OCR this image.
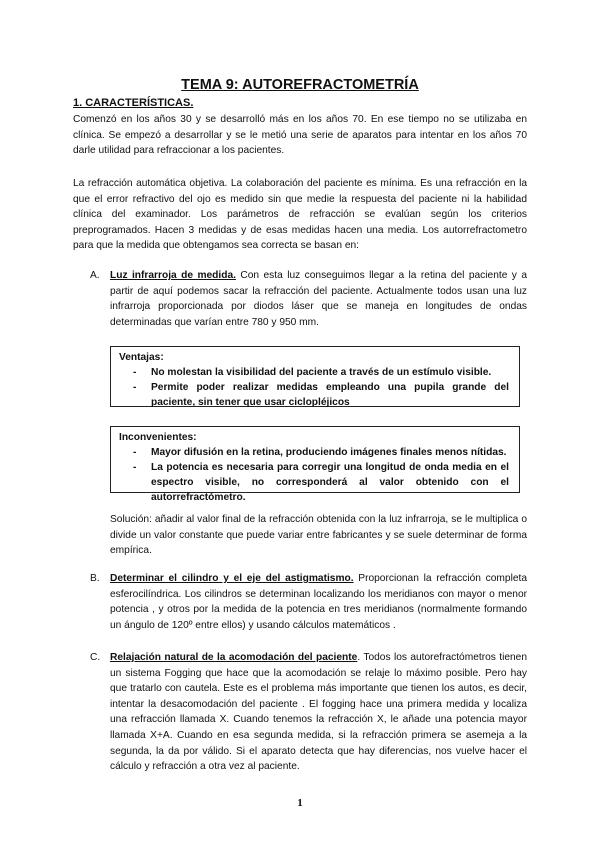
TEMA 9: AUTOREFRACTOMETRÍA
1. CARACTERÍSTICAS.

Comenzó en los años 30 y se desarrolló más en los años 70. En ese tiempo no se utilizaba en clínica. Se empezó a desarrollar y se le metió una serie de aparatos para intentar en los años 70 darle utilidad para refraccionar a los pacientes.

La refracción automática objetiva. La colaboración del paciente es mínima. Es una refracción en la que el error refractivo del ojo es medido sin que medie la respuesta del paciente ni la habilidad clínica del examinador. Los parámetros de refracción se evalúan según los criterios preprogramados. Hacen 3 medidas y de esas medidas hacen una media. Los autorrefractometro para que la medida que obtengamos sea correcta se basan en:

A. Luz infrarroja de medida. Con esta luz conseguimos llegar a la retina del paciente y a partir de aquí podemos sacar la refracción del paciente. Actualmente todos usan una luz infrarroja proporcionada por diodos láser que se maneja en longitudes de ondas determinadas que varían entre 780 y 950 mm.

Ventajas:
- No molestan la visibilidad del paciente a través de un estímulo visible.
- Permite poder realizar medidas empleando una pupila grande del paciente, sin tener que usar ciclopléjicos
Inconvenientes:
- Mayor difusión en la retina, produciendo imágenes finales menos nítidas.
- La potencia es necesaria para corregir una longitud de onda media en el espectro visible, no corresponderá al valor obtenido con el autorrefractómetro.

Solución: añadir al valor final de la refracción obtenida con la luz infrarroja, se le multiplica o divide un valor constante que puede variar entre fabricantes y se suele determinar de forma empírica.

B. Determinar el cilindro y el eje del astigmatismo. Proporcionan la refracción completa esferocilíndrica. Los cilindros se determinan localizando los meridianos con mayor o menor potencia , y otros por la medida de la potencia en tres meridianos (normalmente formando un ángulo de 120º entre ellos) y usando cálculos matemáticos .

C. Relajación natural de la acomodación del paciente. Todos los autorefractómetros tienen un sistema Fogging que hace que la acomodación se relaje lo máximo posible. Pero hay que tratarlo con cautela. Este es el problema más importante que tienen los autos, es decir, intentar la desacomodación del paciente . El fogging hace una primera medida y localiza una refracción llamada X. Cuando tenemos la refracción X, le añade una potencia mayor llamada X+A. Cuando en esa segunda medida, si la refracción primera se asemeja a la segunda, la da por válido. Si el aparato detecta que hay diferencias, nos vuelve hacer el cálculo y refracción a otra vez al paciente.

1
